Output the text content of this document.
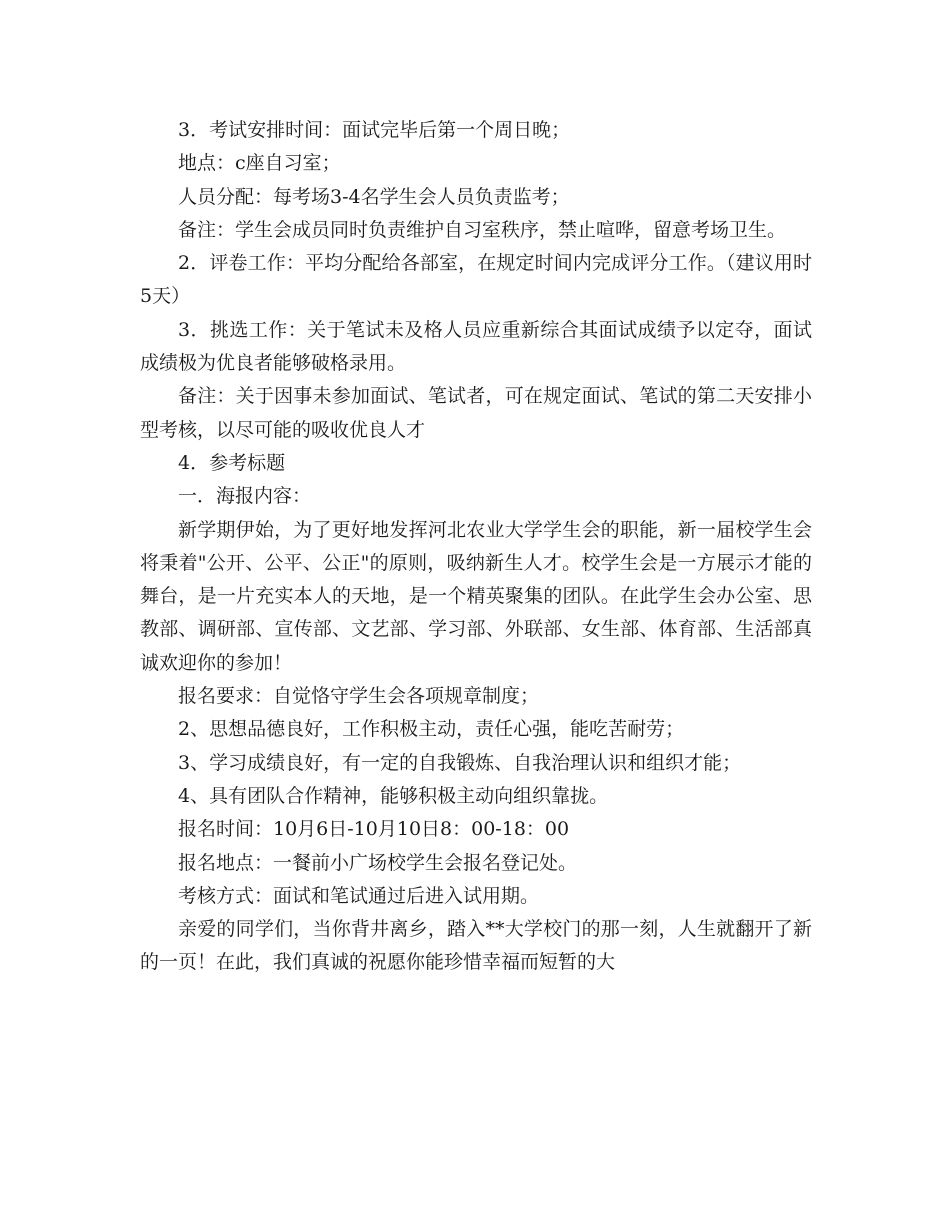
3．考试安排时间：面试完毕后第一个周日晚；

地点：c座自习室；

人员分配：每考场3-4名学生会人员负责监考；

备注：学生会成员同时负责维护自习室秩序，禁止喧哗，留意考场卫生。

2．评卷工作：平均分配给各部室，在规定时间内完成评分工作。（建议用时5天）

3．挑选工作：关于笔试未及格人员应重新综合其面试成绩予以定夺，面试成绩极为优良者能够破格录用。

备注：关于因事未参加面试、笔试者，可在规定面试、笔试的第二天安排小型考核，以尽可能的吸收优良人才

4．参考标题

一．海报内容：

新学期伊始，为了更好地发挥河北农业大学学生会的职能，新一届校学生会将秉着"公开、公平、公正"的原则，吸纳新生人才。校学生会是一方展示才能的舞台，是一片充实本人的天地，是一个精英聚集的团队。在此学生会办公室、思教部、调研部、宣传部、文艺部、学习部、外联部、女生部、体育部、生活部真诚欢迎你的参加！

报名要求：自觉恪守学生会各项规章制度；

2、思想品德良好，工作积极主动，责任心强，能吃苦耐劳；

3、学习成绩良好，有一定的自我锻炼、自我治理认识和组织才能；

4、具有团队合作精神，能够积极主动向组织靠拢。

报名时间：10月6日-10月10日8：00-18：00

报名地点：一餐前小广场校学生会报名登记处。

考核方式：面试和笔试通过后进入试用期。

亲爱的同学们，当你背井离乡，踏入**大学校门的那一刻，人生就翻开了新的一页！在此，我们真诚的祝愿你能珍惜幸福而短暂的大
